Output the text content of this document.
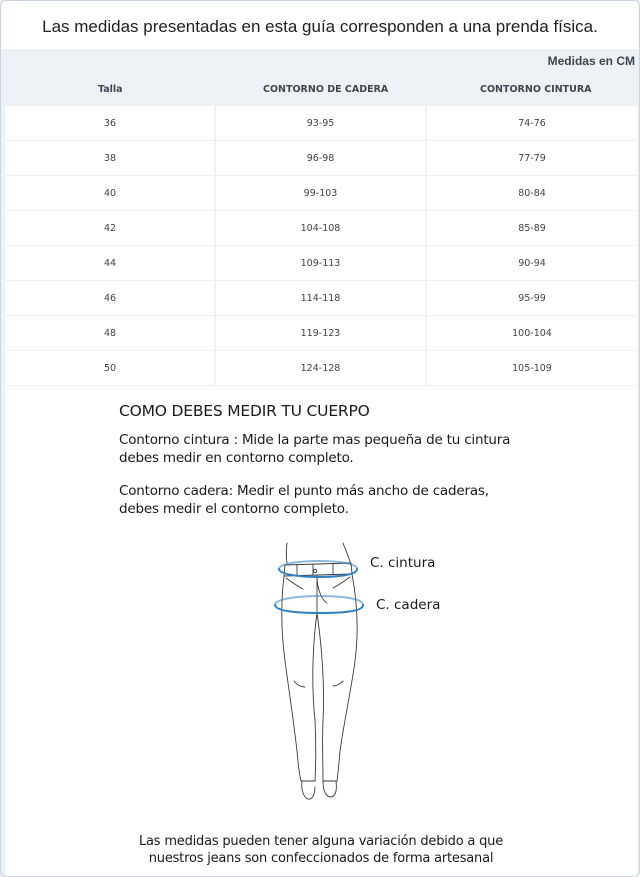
Las medidas presentadas en esta guía corresponden a una prenda física.
Medidas en CM
Talla	CONTORNO DE CADERA	CONTORNO CINTURA
36	93-95	74-76
38	96-98	77-79
40	99-103	80-84
42	104-108	85-89
44	109-113	90-94
46	114-118	95-99
48	119-123	100-104
50	124-128	105-109
COMO DEBES MEDIR TU CUERPO
Contorno cintura : Mide la parte mas pequeña de tu cintura
debes medir en contorno completo.
Contorno cadera: Medir el punto más ancho de caderas,
debes medir el contorno completo.
C. cintura
C. cadera
Las medidas pueden tener alguna variación debido a que
nuestros jeans son confeccionados de forma artesanal
